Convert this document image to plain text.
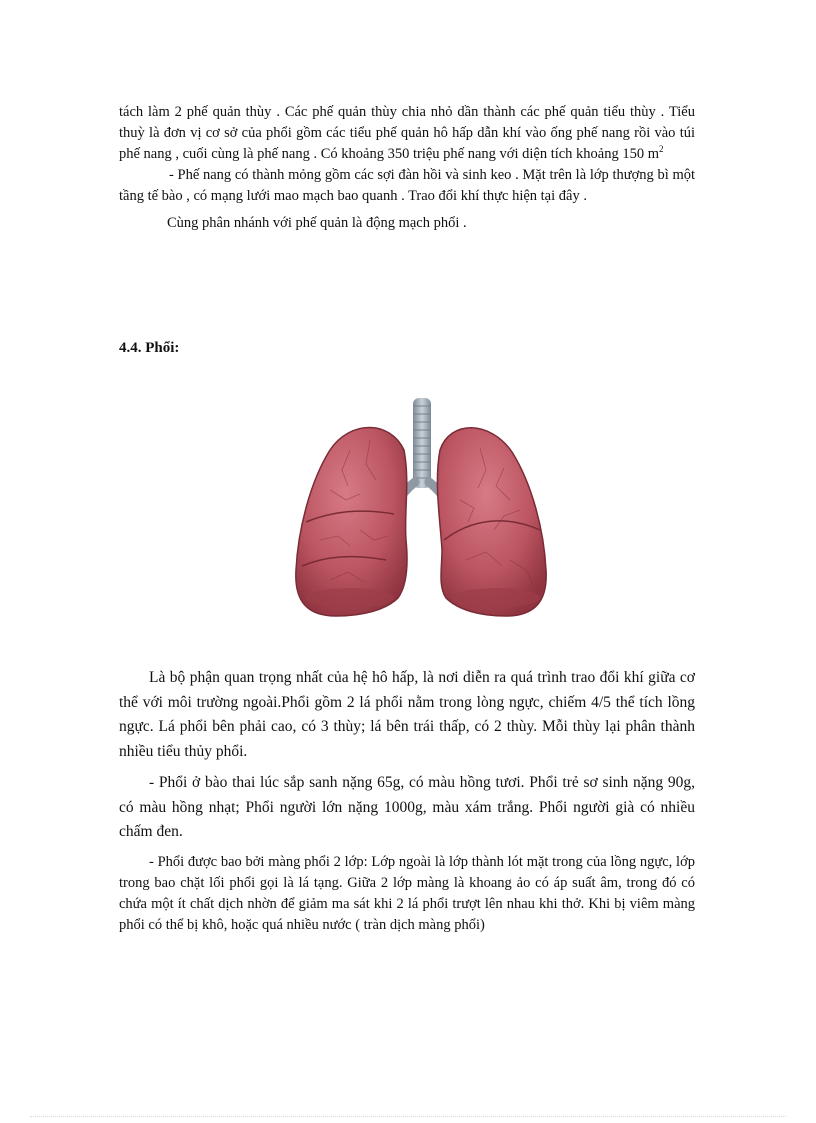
tách làm 2 phế quản thùy . Các phế quản thùy chia nhỏ dần thành các phế quản tiểu thùy . Tiểu thuỳ là đơn vị cơ sở của phổi gồm các tiểu phế quản hô hấp dẫn khí vào ống phế nang rồi vào túi phế nang , cuối cùng là phế nang . Có khoảng 350 triệu phế nang với diện tích khoảng 150 $m^2$

- Phế nang có thành mỏng gồm các sợi đàn hồi và sinh keo . Mặt trên là lớp thượng bì một tầng tế bào , có mạng lưới mao mạch bao quanh . Trao đổi khí thực hiện tại đây .

Cùng phân nhánh với phế quản là động mạch phổi .

4.4. Phổi:

Là bộ phận quan trọng nhất của hệ hô hấp, là nơi diễn ra quá trình trao đổi khí giữa cơ thể với môi trường ngoài.Phổi gồm 2 lá phổi nằm trong lòng ngực, chiếm 4/5 thể tích lồng ngực. Lá phổi bên phải cao, có 3 thùy; lá bên trái thấp, có 2 thùy. Mỗi thùy lại phân thành nhiều tiểu thủy phổi.

- Phổi ở bào thai lúc sắp sanh nặng 65g, có màu hồng tươi. Phổi trẻ sơ sinh nặng 90g, có màu hồng nhạt; Phổi người lớn nặng 1000g, màu xám trắng. Phổi người già có nhiều chấm đen.

- Phổi được bao bởi màng phổi 2 lớp: Lớp ngoài là lớp thành lót mặt trong của lồng ngực, lớp trong bao chặt lối phổi gọi là lá tạng. Giữa 2 lớp màng là khoang ảo có áp suất âm, trong đó có chứa một ít chất dịch nhờn để giảm ma sát khi 2 lá phổi trượt lên nhau khi thở. Khi bị viêm màng phổi có thể bị khô, hoặc quá nhiều nước ( tràn dịch màng phổi)
